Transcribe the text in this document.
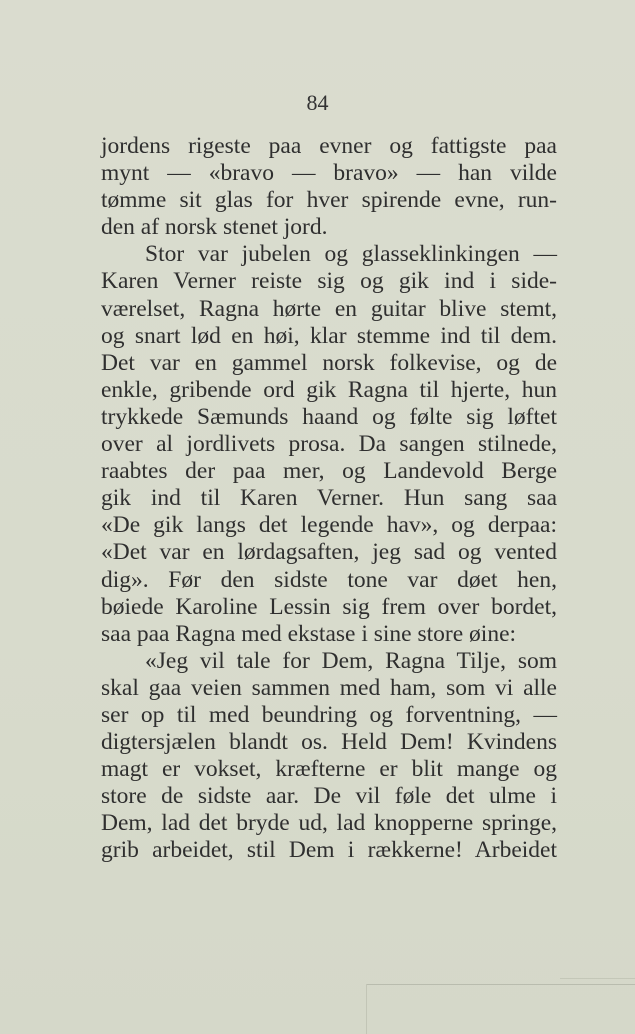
84
jordens rigeste paa evner og fattigste paa
mynt — «bravo — bravo» — han vilde
tømme sit glas for hver spirende evne, run-
den af norsk stenet jord.
Stor var jubelen og glasseklinkingen —
Karen Verner reiste sig og gik ind i side-
værelset, Ragna hørte en guitar blive stemt,
og snart lød en høi, klar stemme ind til dem.
Det var en gammel norsk folkevise, og de
enkle, gribende ord gik Ragna til hjerte, hun
trykkede Sæmunds haand og følte sig løftet
over al jordlivets prosa. Da sangen stilnede,
raabtes der paa mer, og Landevold Berge
gik ind til Karen Verner. Hun sang saa
«De gik langs det legende hav», og derpaa:
«Det var en lørdagsaften, jeg sad og vented
dig». Før den sidste tone var døet hen,
bøiede Karoline Lessin sig frem over bordet,
saa paa Ragna med ekstase i sine store øine:
«Jeg vil tale for Dem, Ragna Tilje, som
skal gaa veien sammen med ham, som vi alle
ser op til med beundring og forventning, —
digtersjælen blandt os. Held Dem! Kvindens
magt er vokset, kræfterne er blit mange og
store de sidste aar. De vil føle det ulme i
Dem, lad det bryde ud, lad knopperne springe,
grib arbeidet, stil Dem i rækkerne! Arbeidet
